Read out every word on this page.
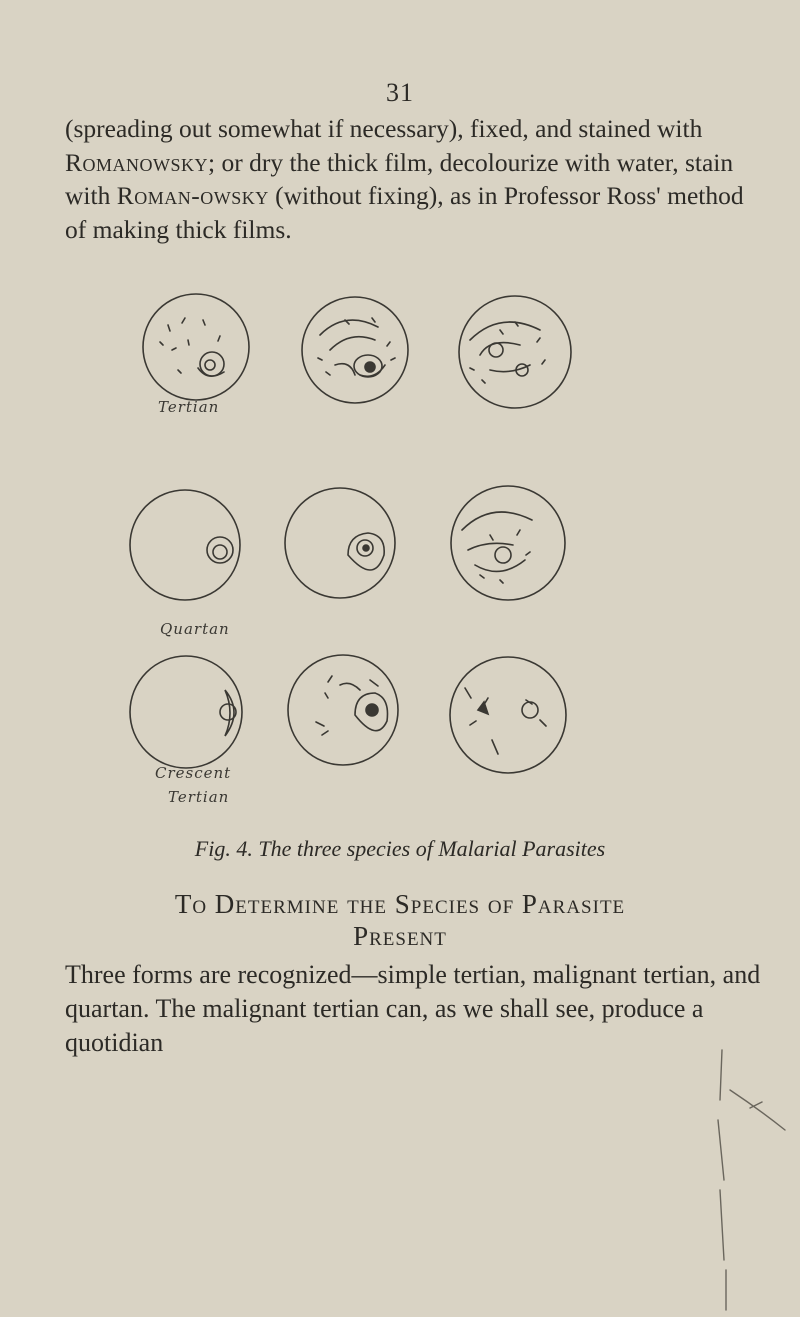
31

(spreading out somewhat if necessary), fixed, and stained with Romanowsky; or dry the thick film, decolourize with water, stain with Roman-owsky (without fixing), as in Professor Ross' method of making thick films.

Tertian
Quartan
Crescent
Tertian
Fig. 4. The three species of Malarial Parasites
To Determine the Species of Parasite
Present

Three forms are recognized—simple tertian, malignant tertian, and quartan. The malignant tertian can, as we shall see, produce a quotidian
